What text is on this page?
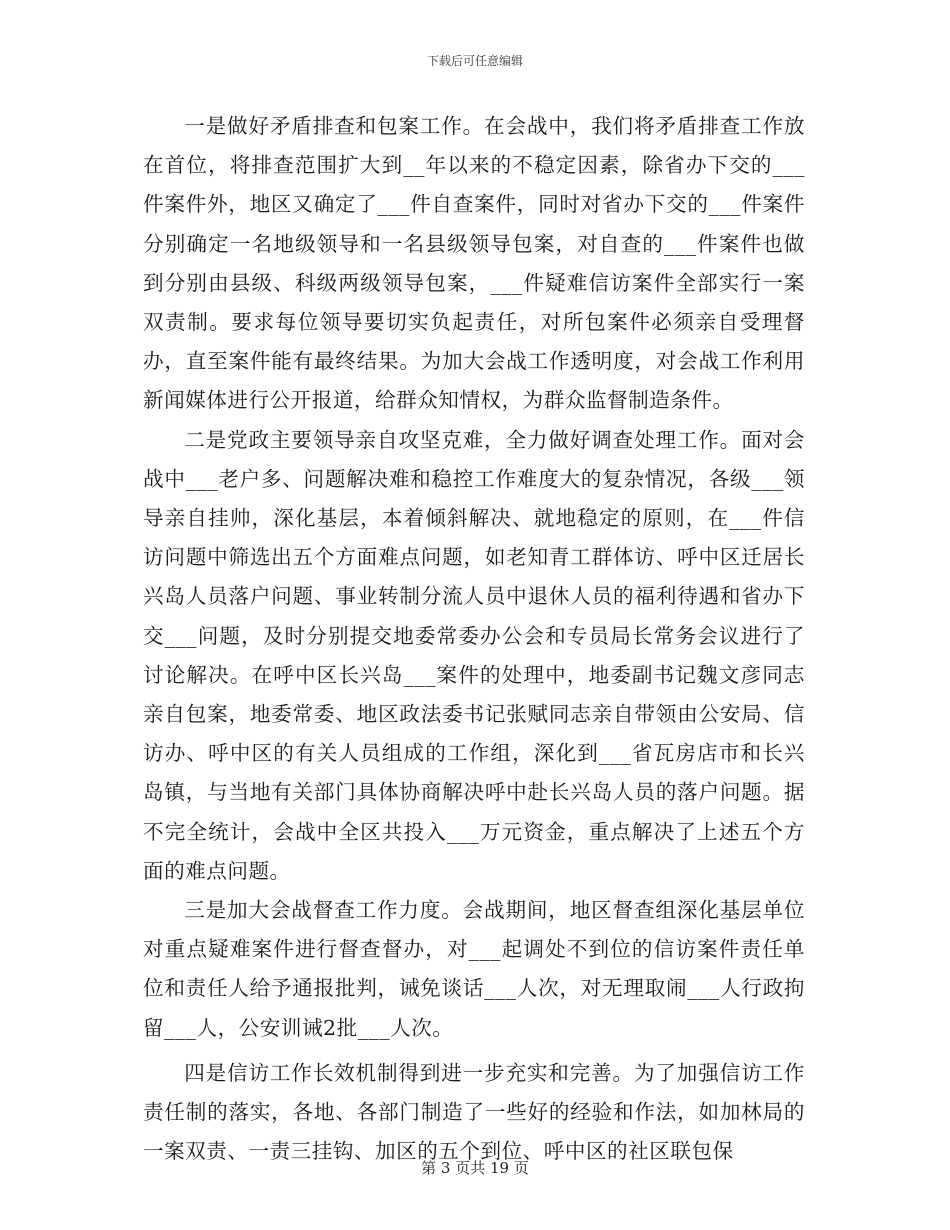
下载后可任意编辑

一是做好矛盾排查和包案工作。在会战中，我们将矛盾排查工作放在首位，将排查范围扩大到__年以来的不稳定因素，除省办下交的___件案件外，地区又确定了___件自查案件，同时对省办下交的___件案件分别确定一名地级领导和一名县级领导包案，对自查的___件案件也做到分别由县级、科级两级领导包案，___件疑难信访案件全部实行一案双责制。要求每位领导要切实负起责任，对所包案件必须亲自受理督办，直至案件能有最终结果。为加大会战工作透明度，对会战工作利用新闻媒体进行公开报道，给群众知情权，为群众监督制造条件。

二是党政主要领导亲自攻坚克难，全力做好调查处理工作。面对会战中___老户多、问题解决难和稳控工作难度大的复杂情况，各级___领导亲自挂帅，深化基层，本着倾斜解决、就地稳定的原则，在___件信访问题中筛选出五个方面难点问题，如老知青工群体访、呼中区迁居长兴岛人员落户问题、事业转制分流人员中退休人员的福利待遇和省办下交___问题，及时分别提交地委常委办公会和专员局长常务会议进行了讨论解决。在呼中区长兴岛___案件的处理中，地委副书记魏文彦同志亲自包案，地委常委、地区政法委书记张赋同志亲自带领由公安局、信访办、呼中区的有关人员组成的工作组，深化到___省瓦房店市和长兴岛镇，与当地有关部门具体协商解决呼中赴长兴岛人员的落户问题。据不完全统计，会战中全区共投入___万元资金，重点解决了上述五个方面的难点问题。

三是加大会战督查工作力度。会战期间，地区督查组深化基层单位对重点疑难案件进行督查督办，对___起调处不到位的信访案件责任单位和责任人给予通报批判，诫免谈话___人次，对无理取闹___人行政拘留___人，公安训诫2批___人次。

四是信访工作长效机制得到进一步充实和完善。为了加强信访工作责任制的落实，各地、各部门制造了一些好的经验和作法，如加林局的一案双责、一责三挂钩、加区的五个到位、呼中区的社区联包保

第 3 页共 19 页
